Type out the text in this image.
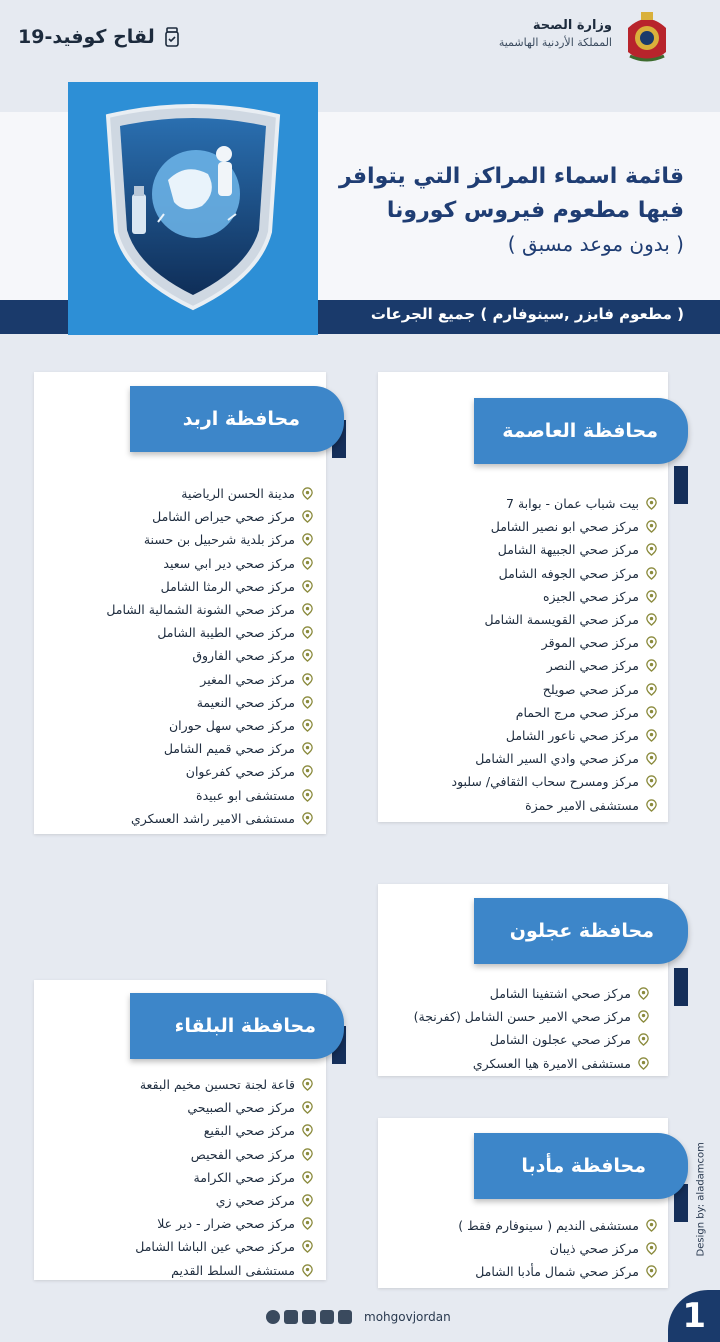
وزارة الصحة
المملكة الأردنية الهاشمية
لقاح كوفيد-19
قائمة اسماء المراكز التي يتوافر
فيها مطعوم فيروس كورونا
( بدون موعد مسبق )
( مطعوم فايزر ,سينوفارم ) جميع الجرعات
محافظة العاصمة
بيت شباب عمان - بوابة 7
مركز صحي ابو نصير الشامل
مركز صحي الجبيهة الشامل
مركز صحي الجوفه الشامل
مركز صحي الجيزه
مركز صحي القويسمة الشامل
مركز صحي الموقر
مركز صحي النصر
مركز صحي صويلح
مركز صحي مرج الحمام
مركز صحي ناعور الشامل
مركز صحي وادي السير الشامل
مركز ومسرح سحاب الثقافي/ سلبود
مستشفى الامير حمزة
محافظة اربد
مدينة الحسن الرياضية
مركز صحي حيراص الشامل
مركز بلدية شرحبيل بن حسنة
مركز صحي دير ابي سعيد
مركز صحي الرمثا الشامل
مركز صحي الشونة الشمالية الشامل
مركز صحي الطيبة الشامل
مركز صحي الفاروق
مركز صحي المغير
مركز صحي النعيمة
مركز صحي سهل حوران
مركز صحي قميم الشامل
مركز صحي كفرعوان
مستشفى ابو عبيدة
مستشفى الامير راشد العسكري
محافظة عجلون
مركز صحي اشتفينا الشامل
مركز صحي الامير حسن الشامل (كفرنجة)
مركز صحي عجلون الشامل
مستشفى الاميرة هيا العسكري
محافظة البلقاء
قاعة لجنة تحسين مخيم البقعة
مركز صحي الصبيحي
مركز صحي البقيع
مركز صحي الفحيص
مركز صحي الكرامة
مركز صحي زي
مركز صحي ضرار - دير علا
مركز صحي عين الباشا الشامل
مستشفى السلط القديم
محافظة مأدبا
مستشفى النديم ( سينوفارم فقط )
مركز صحي ذيبان
مركز صحي شمال مأدبا الشامل
Design by: aladamcom
mohgovjordan	1
